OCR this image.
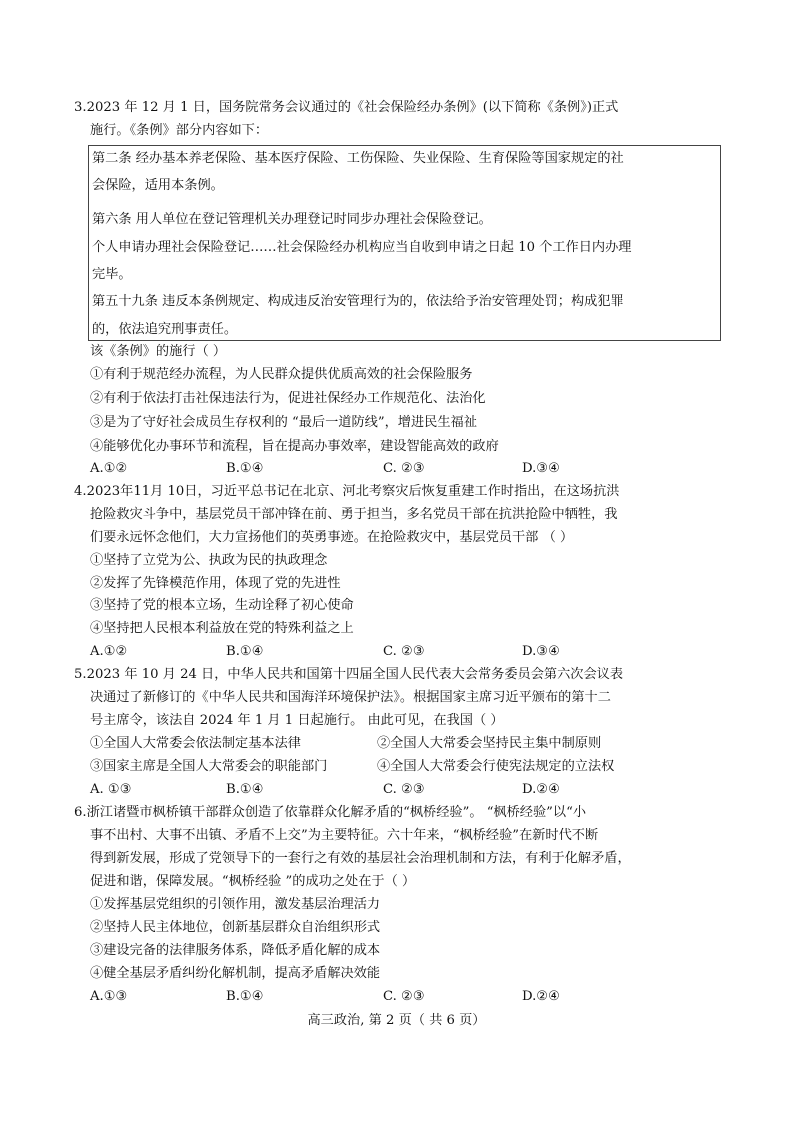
3.2023 年 12 月 1 日，国务院常务会议通过的《社会保险经办条例》(以下简称《条例》)正式
施行。《条例》部分内容如下：
第二条 经办基本养老保险、基本医疗保险、工伤保险、失业保险、生育保险等国家规定的社
会保险，适用本条例。
第六条 用人单位在登记管理机关办理登记时同步办理社会保险登记。
个人申请办理社会保险登记……社会保险经办机构应当自收到申请之日起 10 个工作日内办理
完毕。
第五十九条 违反本条例规定、构成违反治安管理行为的，依法给予治安管理处罚；构成犯罪
的，依法追究刑事责任。
该《条例》的施行（ ）
①有利于规范经办流程，为人民群众提供优质高效的社会保险服务
②有利于依法打击社保违法行为，促进社保经办工作规范化、法治化
③是为了守好社会成员生存权利的 “最后一道防线”，增进民生福祉
④能够优化办事环节和流程，旨在提高办事效率，建设智能高效的政府
A.①②	B.①④	C. ②③	D.③④
4.2023年11月 10日，习近平总书记在北京、河北考察灾后恢复重建工作时指出，在这场抗洪
抢险救灾斗争中，基层党员干部冲锋在前、勇于担当，多名党员干部在抗洪抢险中牺牲，我
们要永远怀念他们，大力宣扬他们的英勇事迹。在抢险救灾中，基层党员干部 （ ）
①坚持了立党为公、执政为民的执政理念
②发挥了先锋模范作用，体现了党的先进性
③坚持了党的根本立场，生动诠释了初心使命
④坚持把人民根本利益放在党的特殊利益之上
A.①②	B.①④	C. ②③	D.③④
5.2023 年 10 月 24 日，中华人民共和国第十四届全国人民代表大会常务委员会第六次会议表
决通过了新修订的《中华人民共和国海洋环境保护法》。根据国家主席习近平颁布的第十二
号主席令，该法自 2024 年 1 月 1 日起施行。 由此可见，在我国（ ）
①全国人大常委会依法制定基本法律	②全国人大常委会坚持民主集中制原则
③国家主席是全国人大常委会的职能部门	④全国人大常委会行使宪法规定的立法权
A. ①③	B.①④	C. ②③	D.②④
6.浙江诸暨市枫桥镇干部群众创造了依靠群众化解矛盾的“枫桥经验”。 “枫桥经验”以“小
事不出村、大事不出镇、矛盾不上交”为主要特征。六十年来，“枫桥经验”在新时代不断
得到新发展，形成了党领导下的一套行之有效的基层社会治理机制和方法，有利于化解矛盾，
促进和谐，保障发展。“枫桥经验 ”的成功之处在于（ ）
①发挥基层党组织的引领作用，激发基层治理活力
②坚持人民主体地位，创新基层群众自治组织形式
③建设完备的法律服务体系，降低矛盾化解的成本
④健全基层矛盾纠纷化解机制，提高矛盾解决效能
A.①③	B.①④	C. ②③	D.②④
高三政治, 第 2 页（ 共 6 页）
